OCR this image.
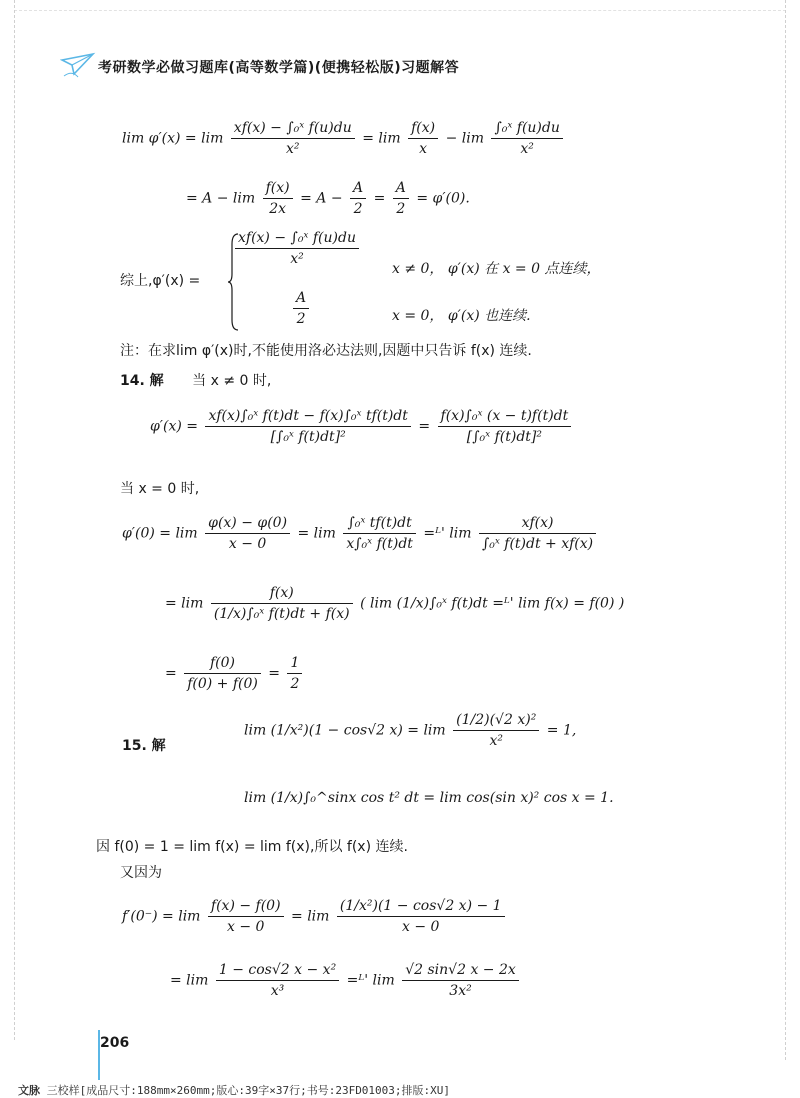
考研数学必做习题库(高等数学篇)(便携轻松版)习题解答
$\lim \varphi'(x) = \lim \frac{\text{xf(x) − ∫₀ˣ f(u)du}}{\text{x²}} = \lim \frac{f(x)}{x} - \lim \frac{\text{∫₀ˣ f(u)du}}{\text{x²}}$
= $A - \lim \frac{f(x)}{2x} = A - \frac{A}{2} = \frac{A}{2} = \varphi'(0)$.
综上,φ′(x) =
$\frac{\text{xf(x) − ∫₀ˣ f(u)du}}{\text{x²}}$
x ≠ 0， φ′(x) 在 x = 0 点连续，
$\frac{A}{2}$	x = 0， φ′(x) 也连续.
注：在求lim φ′(x)时,不能使用洛必达法则,因题中只告诉 f(x) 连续.
14. 解 当 x ≠ 0 时,
$\varphi'(x) = \frac{\text{xf(x)∫₀ˣ f(t)dt − f(x)∫₀ˣ tf(t)dt}}{\text{[∫₀ˣ f(t)dt]²}} = \frac{\text{f(x)∫₀ˣ (x − t)f(t)dt}}{\text{[∫₀ˣ f(t)dt]²}}$
当 x = 0 时,
$\varphi'(0) = \lim \frac{\varphi(x) - \varphi(0)}{x - 0} = \lim \frac{\text{∫₀ˣ tf(t)dt}}{\text{x∫₀ˣ f(t)dt}}$ =ᴸ' $\lim \frac{xf(x)}{\text{∫₀ˣ f(t)dt + xf(x)}}$
= $\lim \frac{f(x)}{\text{(1/x)∫₀ˣ f(t)dt + f(x)}}$ ( lim (1/x)∫₀ˣ f(t)dt =ᴸ' lim f(x) = f(0) )
= $\frac{f(0)}{f(0) + f(0)} = \frac{1}{2}$
15. 解
lim (1/x²)(1 − cos√2 $x) = \lim \frac{\text{(1/2)(√2 x)²}}{\text{x²}} = 1$,
lim (1/x)∫₀^sinx cos t² dt = lim cos(sin x)² cos x = 1.
因 f(0) = 1 = lim f(x) = lim f(x),所以 f(x) 连续.
又因为
$f'(0^-) = \lim \frac{f(x) - f(0)}{x - 0} = \lim \frac{\text{(1/x²)(1 − cos√2 x) − 1}}{x - 0}$
= $\lim \frac{\text{1 − cos√2 x − x²}}{\text{x³}}$ =ᴸ' $\lim \frac{√2 \sin√2 x - 2x}{\text{3x²}}$
206
文脉 三校样[成品尺寸:188mm×260mm;版心:39字×37行;书号:23FD01003;排版:XU]
